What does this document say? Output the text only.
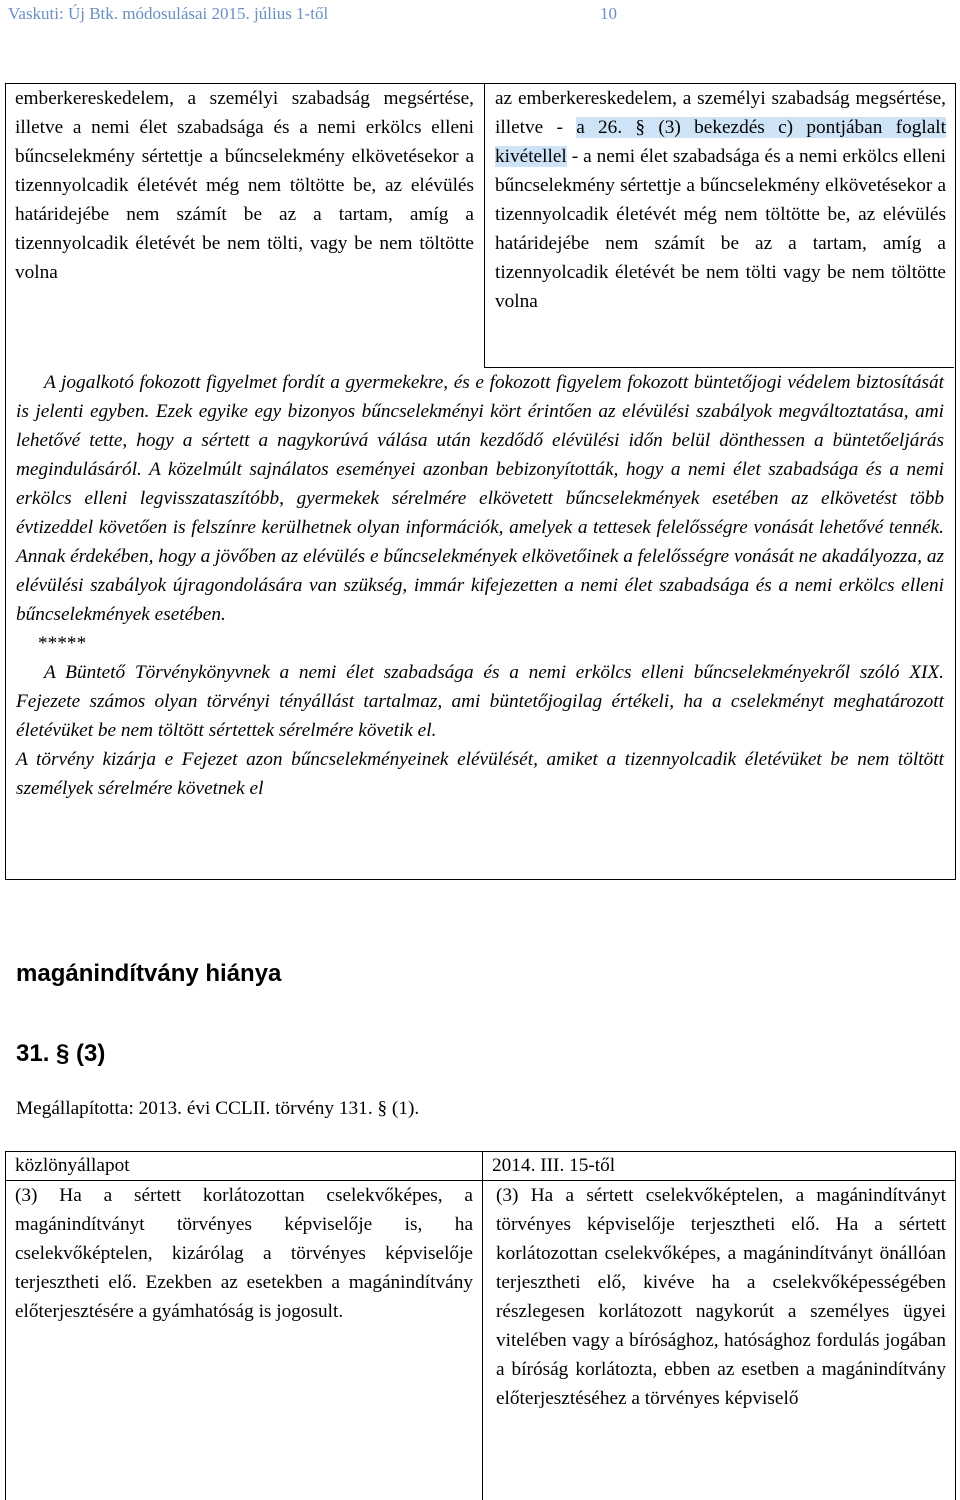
Vaskuti: Új Btk. módosulásai 2015. július 1-től	10

emberkereskedelem, a személyi szabadság megsértése, illetve a nemi élet szabadsága és a nemi erkölcs elleni bűncselekmény sértettje a bűncselekmény elkövetésekor a tizennyolcadik életévét még nem töltötte be, az elévülés határidejébe nem számít be az a tartam, amíg a tizennyolcadik életévét be nem tölti, vagy be nem töltötte volna

az emberkereskedelem, a személyi szabadság megsértése, illetve - a 26. § (3) bekezdés c) pontjában foglalt kivétellel - a nemi élet szabadsága és a nemi erkölcs elleni bűncselekmény sértettje a bűncselekmény elkövetésekor a tizennyolcadik életévét még nem töltötte be, az elévülés határidejébe nem számít be az a tartam, amíg a tizennyolcadik életévét be nem tölti vagy be nem töltötte volna

A jogalkotó fokozott figyelmet fordít a gyermekekre, és e fokozott figyelem fokozott büntetőjogi védelem biztosítását is jelenti egyben. Ezek egyike egy bizonyos bűncselekményi kört érintően az elévülési szabályok megváltoztatása, ami lehetővé tette, hogy a sértett a nagykorúvá válása után kezdődő elévülési időn belül dönthessen a büntetőeljárás megindulásáról. A közelmúlt sajnálatos eseményei azonban bebizonyították, hogy a nemi élet szabadsága és a nemi erkölcs elleni legvisszataszítóbb, gyermekek sérelmére elkövetett bűncselekmények esetében az elkövetést több évtizeddel követően is felszínre kerülhetnek olyan információk, amelyek a tettesek felelősségre vonását lehetővé tennék. Annak érdekében, hogy a jövőben az elévülés e bűncselekmények elkövetőinek a felelősségre vonását ne akadályozza, az elévülési szabályok újragondolására van szükség, immár kifejezetten a nemi élet szabadsága és a nemi erkölcs elleni bűncselekmények esetében.

*****

A Büntető Törvénykönyvnek a nemi élet szabadsága és a nemi erkölcs elleni bűncselekményekről szóló XIX. Fejezete számos olyan törvényi tényállást tartalmaz, ami büntetőjogilag értékeli, ha a cselekményt meghatározott életévüket be nem töltött sértettek sérelmére követik el.

A törvény kizárja e Fejezet azon bűncselekményeinek elévülését, amiket a tizennyolcadik életévüket be nem töltött személyek sérelmére követnek el

magánindítvány hiánya
31. § (3)
Megállapította: 2013. évi CCLII. törvény 131. § (1).
közlönyállapot

(3) Ha a sértett korlátozottan cselekvőképes, a magánindítványt törvényes képviselője is, ha cselekvőképtelen, kizárólag a törvényes képviselője terjesztheti elő. Ezekben az esetekben a magánindítvány előterjesztésére a gyámhatóság is jogosult.

2014. III. 15-től

(3) Ha a sértett cselekvőképtelen, a magánindítványt törvényes képviselője terjesztheti elő. Ha a sértett korlátozottan cselekvőképes, a magánindítványt önállóan terjesztheti elő, kivéve ha a cselekvőképességében részlegesen korlátozott nagykorút a személyes ügyei vitelében vagy a bírósághoz, hatósághoz fordulás jogában a bíróság korlátozta, ebben az esetben a magánindítvány előterjesztéséhez a törvényes képviselő
